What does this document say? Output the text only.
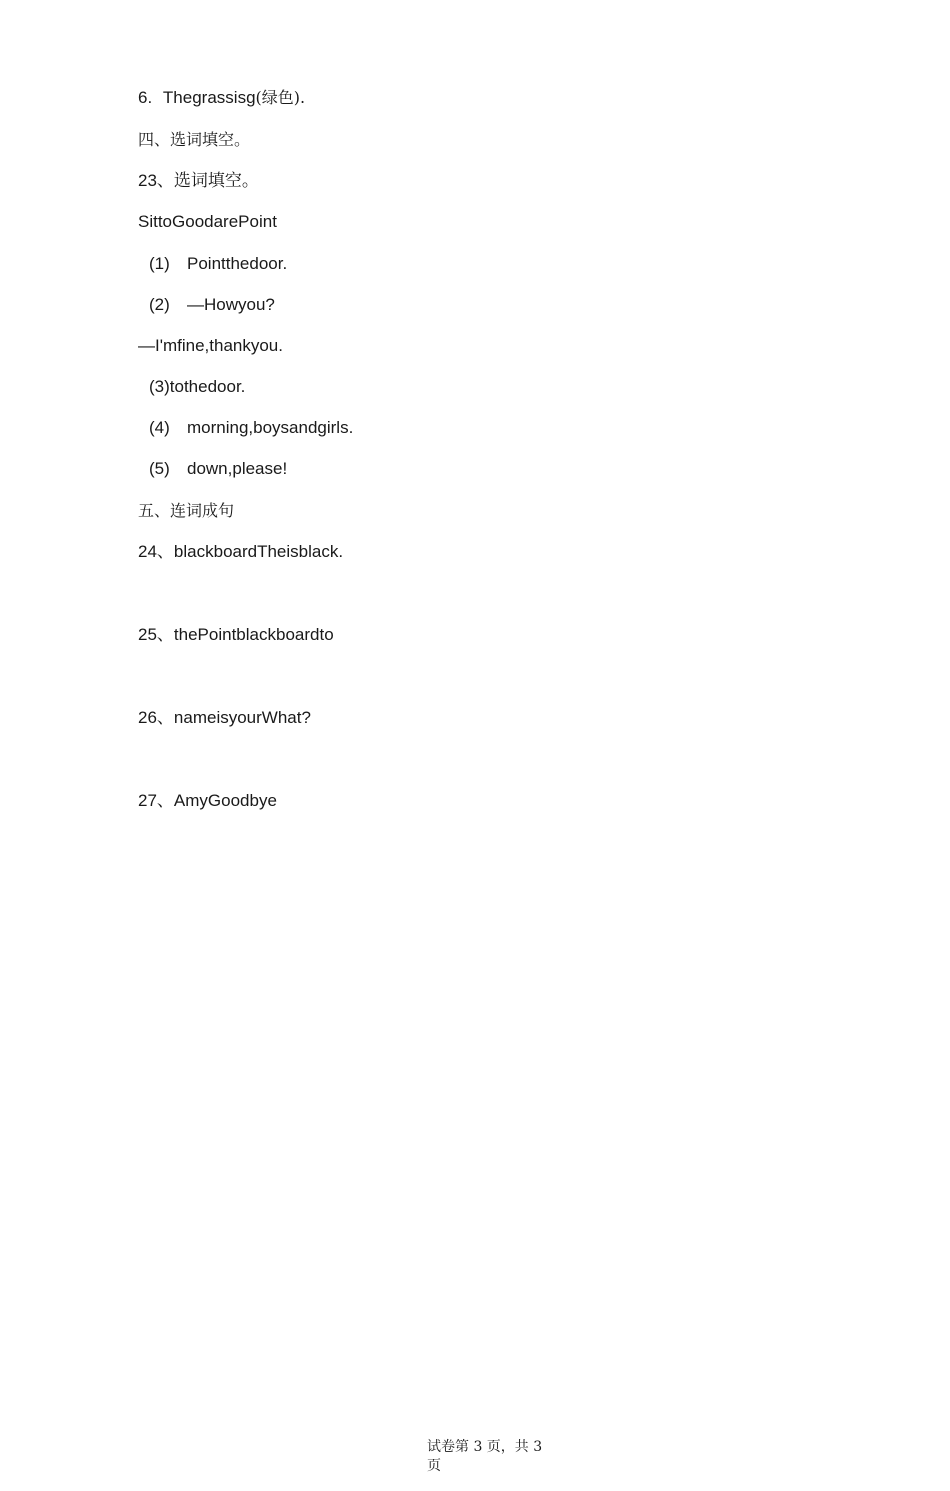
6. Thegrassisg(绿色).
四、选词填空。
23、选词填空。
SittoGoodarePoint
(1) Pointthedoor.
(2) —Howyou?
—I'mfine,thankyou.
(3)tothedoor.
(4) morning,boysandgirls.
(5) down,please!
五、连词成句
24、blackboardTheisblack.
25、thePointblackboardto
26、nameisyourWhat?
27、AmyGoodbye
试卷第 3 页，共 3 页
